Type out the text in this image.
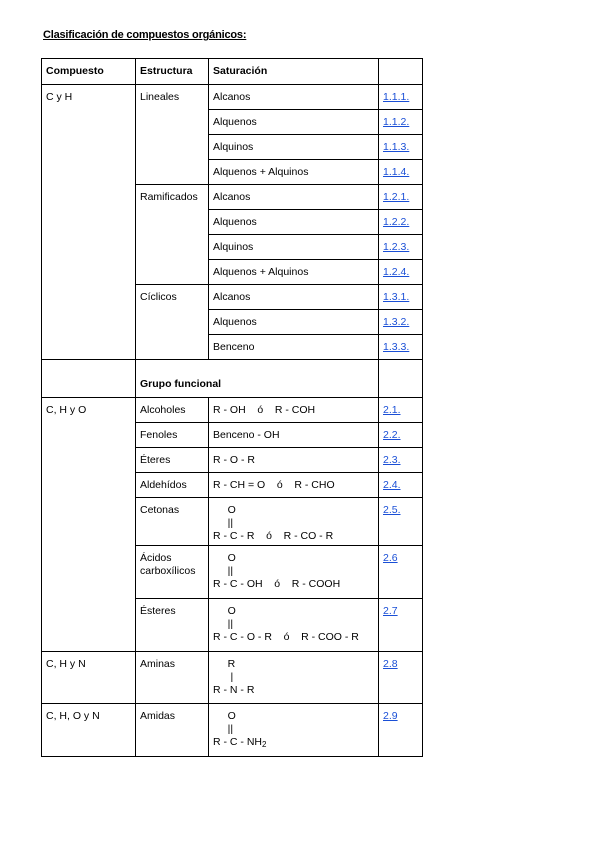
Clasificación de compuestos orgánicos:
Compuesto	Estructura	Saturación	
C y H	Lineales	Alcanos	1.1.1.
		Alquenos	1.1.2.
		Alquinos	1.1.3.
		Alquenos + Alquinos	1.1.4.
	Ramificados	Alcanos	1.2.1.
		Alquenos	1.2.2.
		Alquinos	1.2.3.
		Alquenos + Alquinos	1.2.4.
	Cíclicos	Alcanos	1.3.1.
		Alquenos	1.3.2.
		Benceno	1.3.3.
	Grupo funcional		
C, H y O	Alcoholes	R - OH    ó    R - COH	2.1.
	Fenoles	Benceno - OH	2.2.
	Éteres	R - O - R	2.3.
	Aldehídos	R - CH = O    ó    R - CHO	2.4.
	Cetonas	O
||
R - C - R    ó    R - CO - R	2.5.
	Ácidos
carboxílicos	O
||
R - C - OH    ó    R - COOH	2.6
	Ésteres	O
||
R - C - O - R    ó    R - COO - R	2.7
C, H y N	Aminas	R
|
R - N - R	2.8
C, H, O y N	Amidas	O
||
R - C - $NH_2$	2.9
